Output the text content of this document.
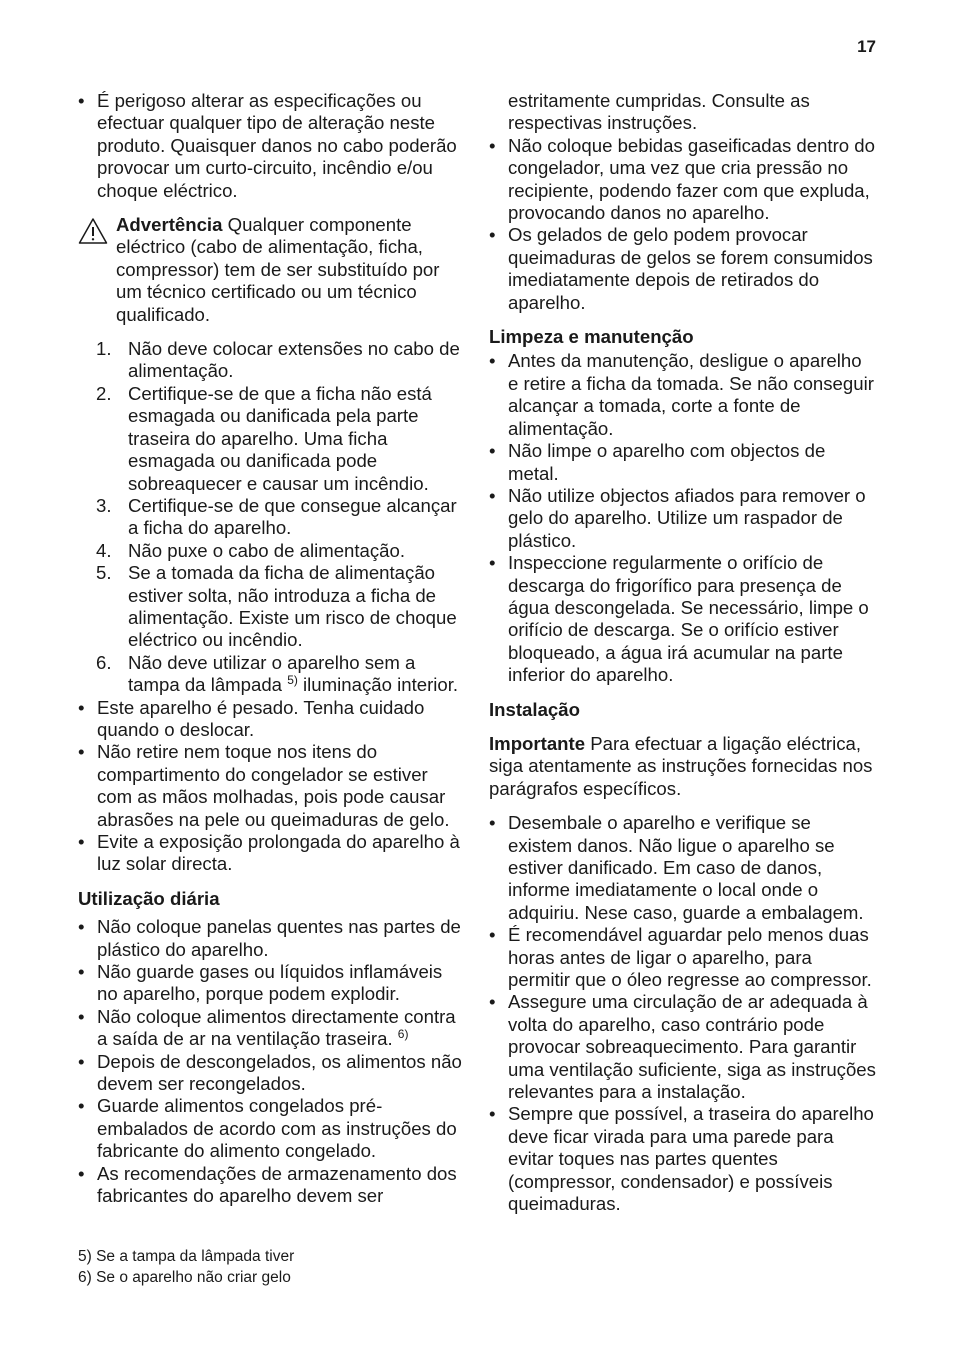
17
• É perigoso alterar as especificações ou efectuar qualquer tipo de alteração neste produto. Quaisquer danos no cabo poderão provocar um curto-circuito, incêndio e/ou choque eléctrico.
Advertência Qualquer componente eléctrico (cabo de alimentação, ficha, compressor) tem de ser substituído por um técnico certificado ou um técnico qualificado.
1. Não deve colocar extensões no cabo de alimentação.
2. Certifique-se de que a ficha não está esmagada ou danificada pela parte traseira do aparelho. Uma ficha esmagada ou danificada pode sobreaquecer e causar um incêndio.
3. Certifique-se de que consegue alcançar a ficha do aparelho.
4. Não puxe o cabo de alimentação.
5. Se a tomada da ficha de alimentação estiver solta, não introduza a ficha de alimentação. Existe um risco de choque eléctrico ou incêndio.
6. Não deve utilizar o aparelho sem a tampa da lâmpada $^{5)}$ iluminação interior.
• Este aparelho é pesado. Tenha cuidado quando o deslocar.
• Não retire nem toque nos itens do compartimento do congelador se estiver com as mãos molhadas, pois pode causar abrasões na pele ou queimaduras de gelo.
• Evite a exposição prolongada do aparelho à luz solar directa.
Utilização diária
• Não coloque panelas quentes nas partes de plástico do aparelho.
• Não guarde gases ou líquidos inflamáveis no aparelho, porque podem explodir.
• Não coloque alimentos directamente contra a saída de ar na ventilação traseira. $^{6)}$
• Depois de descongelados, os alimentos não devem ser recongelados.
• Guarde alimentos congelados pré-embalados de acordo com as instruções do fabricante do alimento congelado.
• As recomendações de armazenamento dos fabricantes do aparelho devem ser
estritamente cumpridas. Consulte as respectivas instruções.
• Não coloque bebidas gaseificadas dentro do congelador, uma vez que cria pressão no recipiente, podendo fazer com que expluda, provocando danos no aparelho.
• Os gelados de gelo podem provocar queimaduras de gelos se forem consumidos imediatamente depois de retirados do aparelho.
Limpeza e manutenção
• Antes da manutenção, desligue o aparelho e retire a ficha da tomada. Se não conseguir alcançar a tomada, corte a fonte de alimentação.
• Não limpe o aparelho com objectos de metal.
• Não utilize objectos afiados para remover o gelo do aparelho. Utilize um raspador de plástico.
• Inspeccione regularmente o orifício de descarga do frigorífico para presença de água descongelada. Se necessário, limpe o orifício de descarga. Se o orifício estiver bloqueado, a água irá acumular na parte inferior do aparelho.
Instalação

Importante Para efectuar a ligação eléctrica, siga atentamente as instruções fornecidas nos parágrafos específicos.

• Desembale o aparelho e verifique se existem danos. Não ligue o aparelho se estiver danificado. Em caso de danos, informe imediatamente o local onde o adquiriu. Nese caso, guarde a embalagem.
• É recomendável aguardar pelo menos duas horas antes de ligar o aparelho, para permitir que o óleo regresse ao compressor.
• Assegure uma circulação de ar adequada à volta do aparelho, caso contrário pode provocar sobreaquecimento. Para garantir uma ventilação suficiente, siga as instruções relevantes para a instalação.
• Sempre que possível, a traseira do aparelho deve ficar virada para uma parede para evitar toques nas partes quentes (compressor, condensador) e possíveis queimaduras.
5) Se a tampa da lâmpada tiver
6) Se o aparelho não criar gelo
